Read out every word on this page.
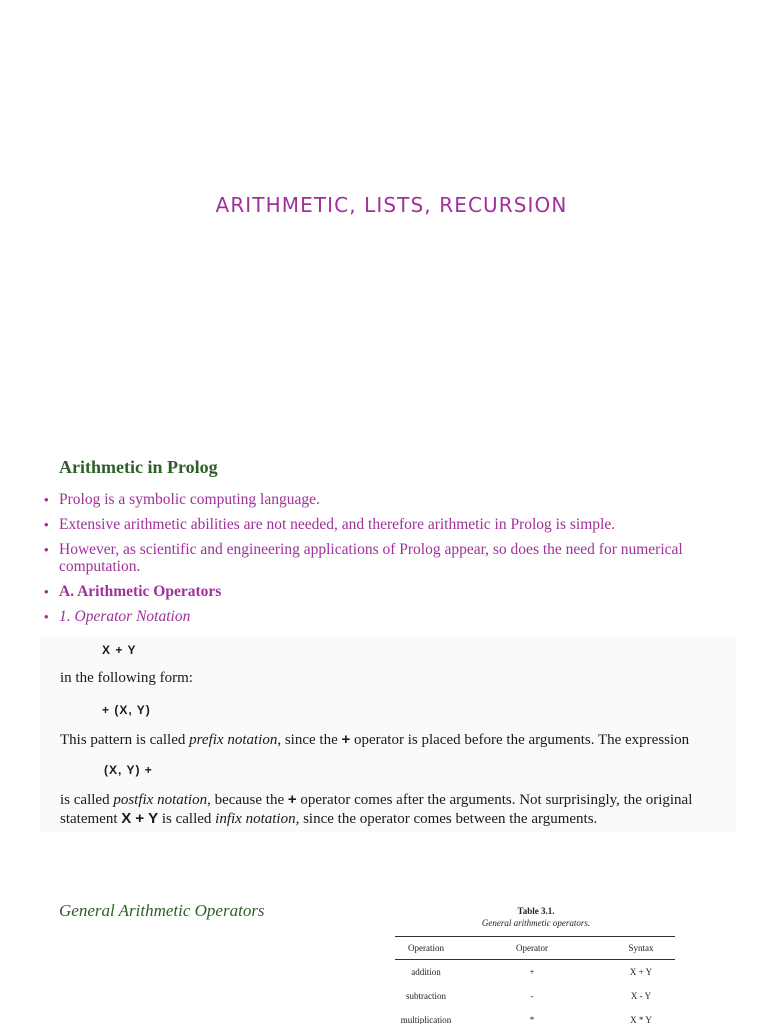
ARITHMETIC, LISTS, RECURSION
Arithmetic in Prolog
• Prolog is a symbolic computing language.
• Extensive arithmetic abilities are not needed, and therefore arithmetic in Prolog is simple.
• However, as scientific and engineering applications of Prolog appear, so does the need for numerical computation.
• A. Arithmetic Operators
• 1. Operator Notation
X + Y
in the following form:
+ (X, Y)
This pattern is called prefix notation, since the + operator is placed before the arguments. The expression
(X, Y) +
is called postfix notation, because the + operator comes after the arguments. Not surprisingly, the original
statement X + Y is called infix notation, since the operator comes between the arguments.
General Arithmetic Operators	Table 3.1.
General arithmetic operators.
Operation	Operator	Syntax
addition	+	X + Y
subtraction	-	X - Y
multiplication	*	X * Y
